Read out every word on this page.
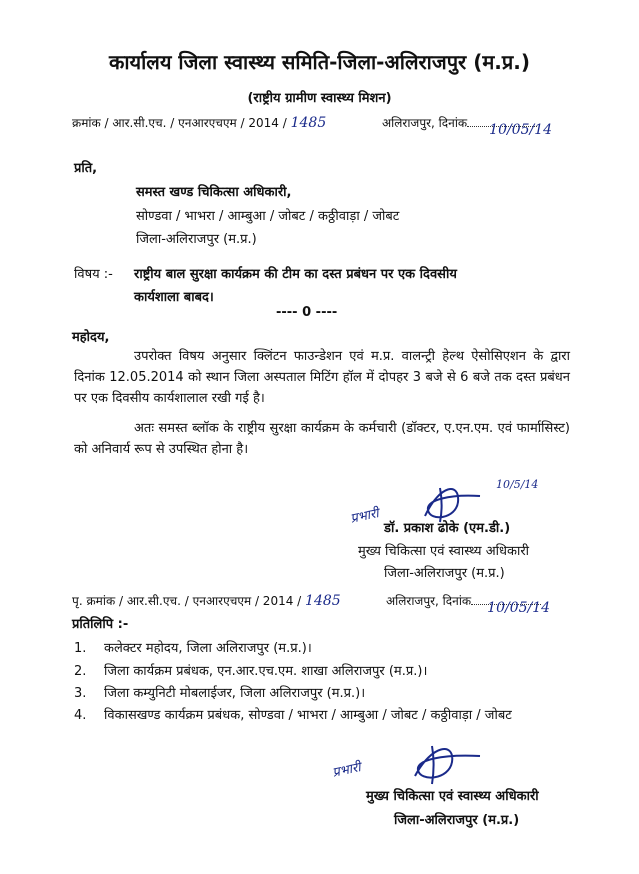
कार्यालय जिला स्वास्थ्य समिति-जिला-अलिराजपुर (म.प्र.)
(राष्ट्रीय ग्रामीण स्वास्थ्य मिशन)
क्रमांक / आर.सी.एच. / एनआरएचएम / 2014 / 1485	अलिराजपुर, दिनांक 10/05/14
प्रति,
समस्त खण्ड चिकित्सा अधिकारी,
सोण्डवा / भाभरा / आम्बुआ / जोबट / कठ्ठीवाड़ा / जोबट
जिला-अलिराजपुर (म.प्र.)
विषय :- राष्ट्रीय बाल सुरक्षा कार्यक्रम की टीम का दस्त प्रबंधन पर एक दिवसीय
कार्यशाला बाबद।
---- 0 ----
महोदय,
उपरोक्त विषय अनुसार क्लिंटन फाउन्डेशन एवं म.प्र. वालन्ट्री हेल्थ ऐसोसिएशन के द्वारा दिनांक 12.05.2014 को स्थान जिला अस्पताल मिटिंग हॉल में दोपहर 3 बजे से 6 बजे तक दस्त प्रबंधन पर एक दिवसीय कार्यशालाल रखी गई है।
अतः समस्त ब्लॉक के राष्ट्रीय सुरक्षा कार्यक्रम के कर्मचारी (डॉक्टर, ए.एन.एम. एवं फार्मासिस्ट) को अनिवार्य रूप से उपस्थित होना है।
प्रभारी
10/5/14
डॉ. प्रकाश ढोके (एम.डी.)
मुख्य चिकित्सा एवं स्वास्थ्य अधिकारी
जिला-अलिराजपुर (म.प्र.)
पृ. क्रमांक / आर.सी.एच. / एनआरएचएम / 2014 / 1485	अलिराजपुर, दिनांक 10/05/14
प्रतिलिपि :-
1. कलेक्टर महोदय, जिला अलिराजपुर (म.प्र.)।
2. जिला कार्यक्रम प्रबंधक, एन.आर.एच.एम. शाखा अलिराजपुर (म.प्र.)।
3. जिला कम्युनिटी मोबलाईजर, जिला अलिराजपुर (म.प्र.)।
4. विकासखण्ड कार्यक्रम प्रबंधक, सोण्डवा / भाभरा / आम्बुआ / जोबट / कठ्ठीवाड़ा / जोबट
प्रभारी
मुख्य चिकित्सा एवं स्वास्थ्य अधिकारी
जिला-अलिराजपुर (म.प्र.)
